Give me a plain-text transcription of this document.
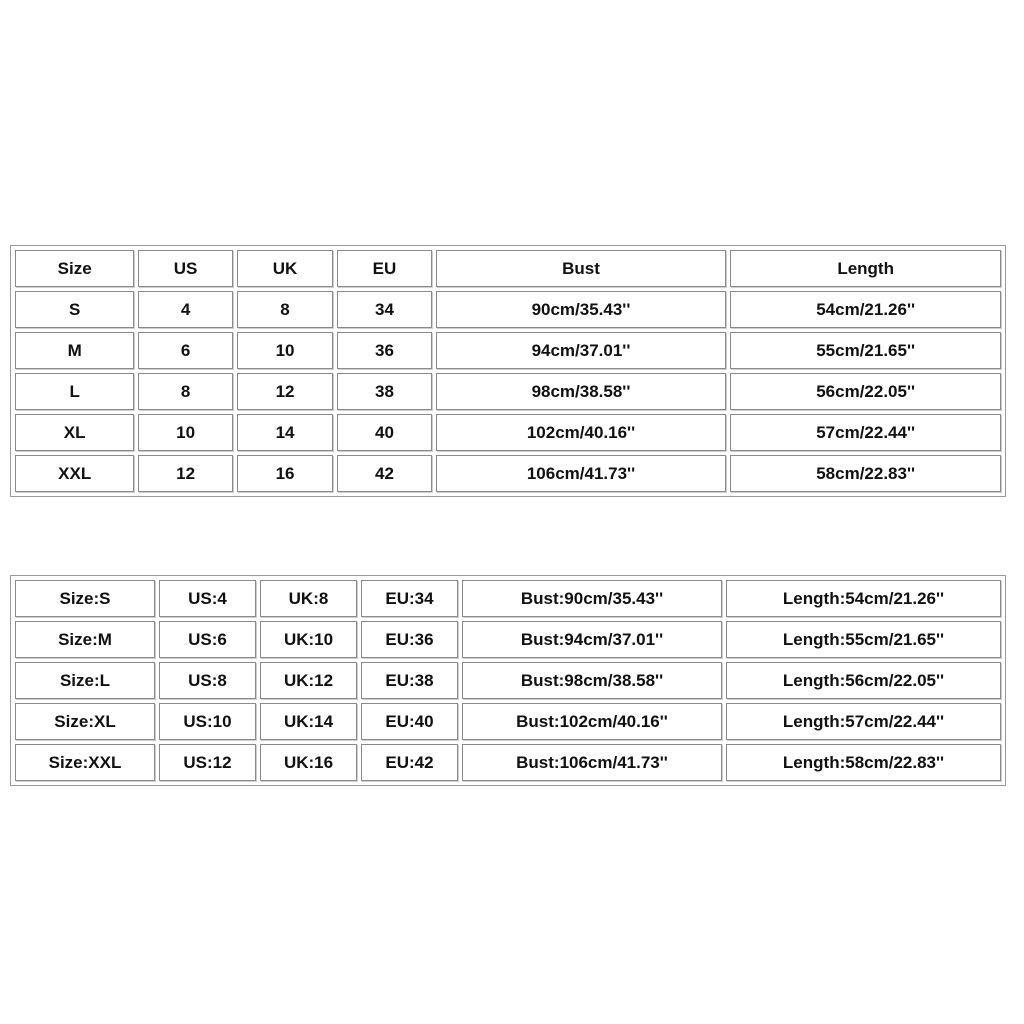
Size	US	UK	EU	Bust	Length
S	4	8	34	90cm/35.43''	54cm/21.26''
M	6	10	36	94cm/37.01''	55cm/21.65''
L	8	12	38	98cm/38.58''	56cm/22.05''
XL	10	14	40	102cm/40.16''	57cm/22.44''
XXL	12	16	42	106cm/41.73''	58cm/22.83''
Size:S	US:4	UK:8	EU:34	Bust:90cm/35.43''	Length:54cm/21.26''
Size:M	US:6	UK:10	EU:36	Bust:94cm/37.01''	Length:55cm/21.65''
Size:L	US:8	UK:12	EU:38	Bust:98cm/38.58''	Length:56cm/22.05''
Size:XL	US:10	UK:14	EU:40	Bust:102cm/40.16''	Length:57cm/22.44''
Size:XXL	US:12	UK:16	EU:42	Bust:106cm/41.73''	Length:58cm/22.83''
